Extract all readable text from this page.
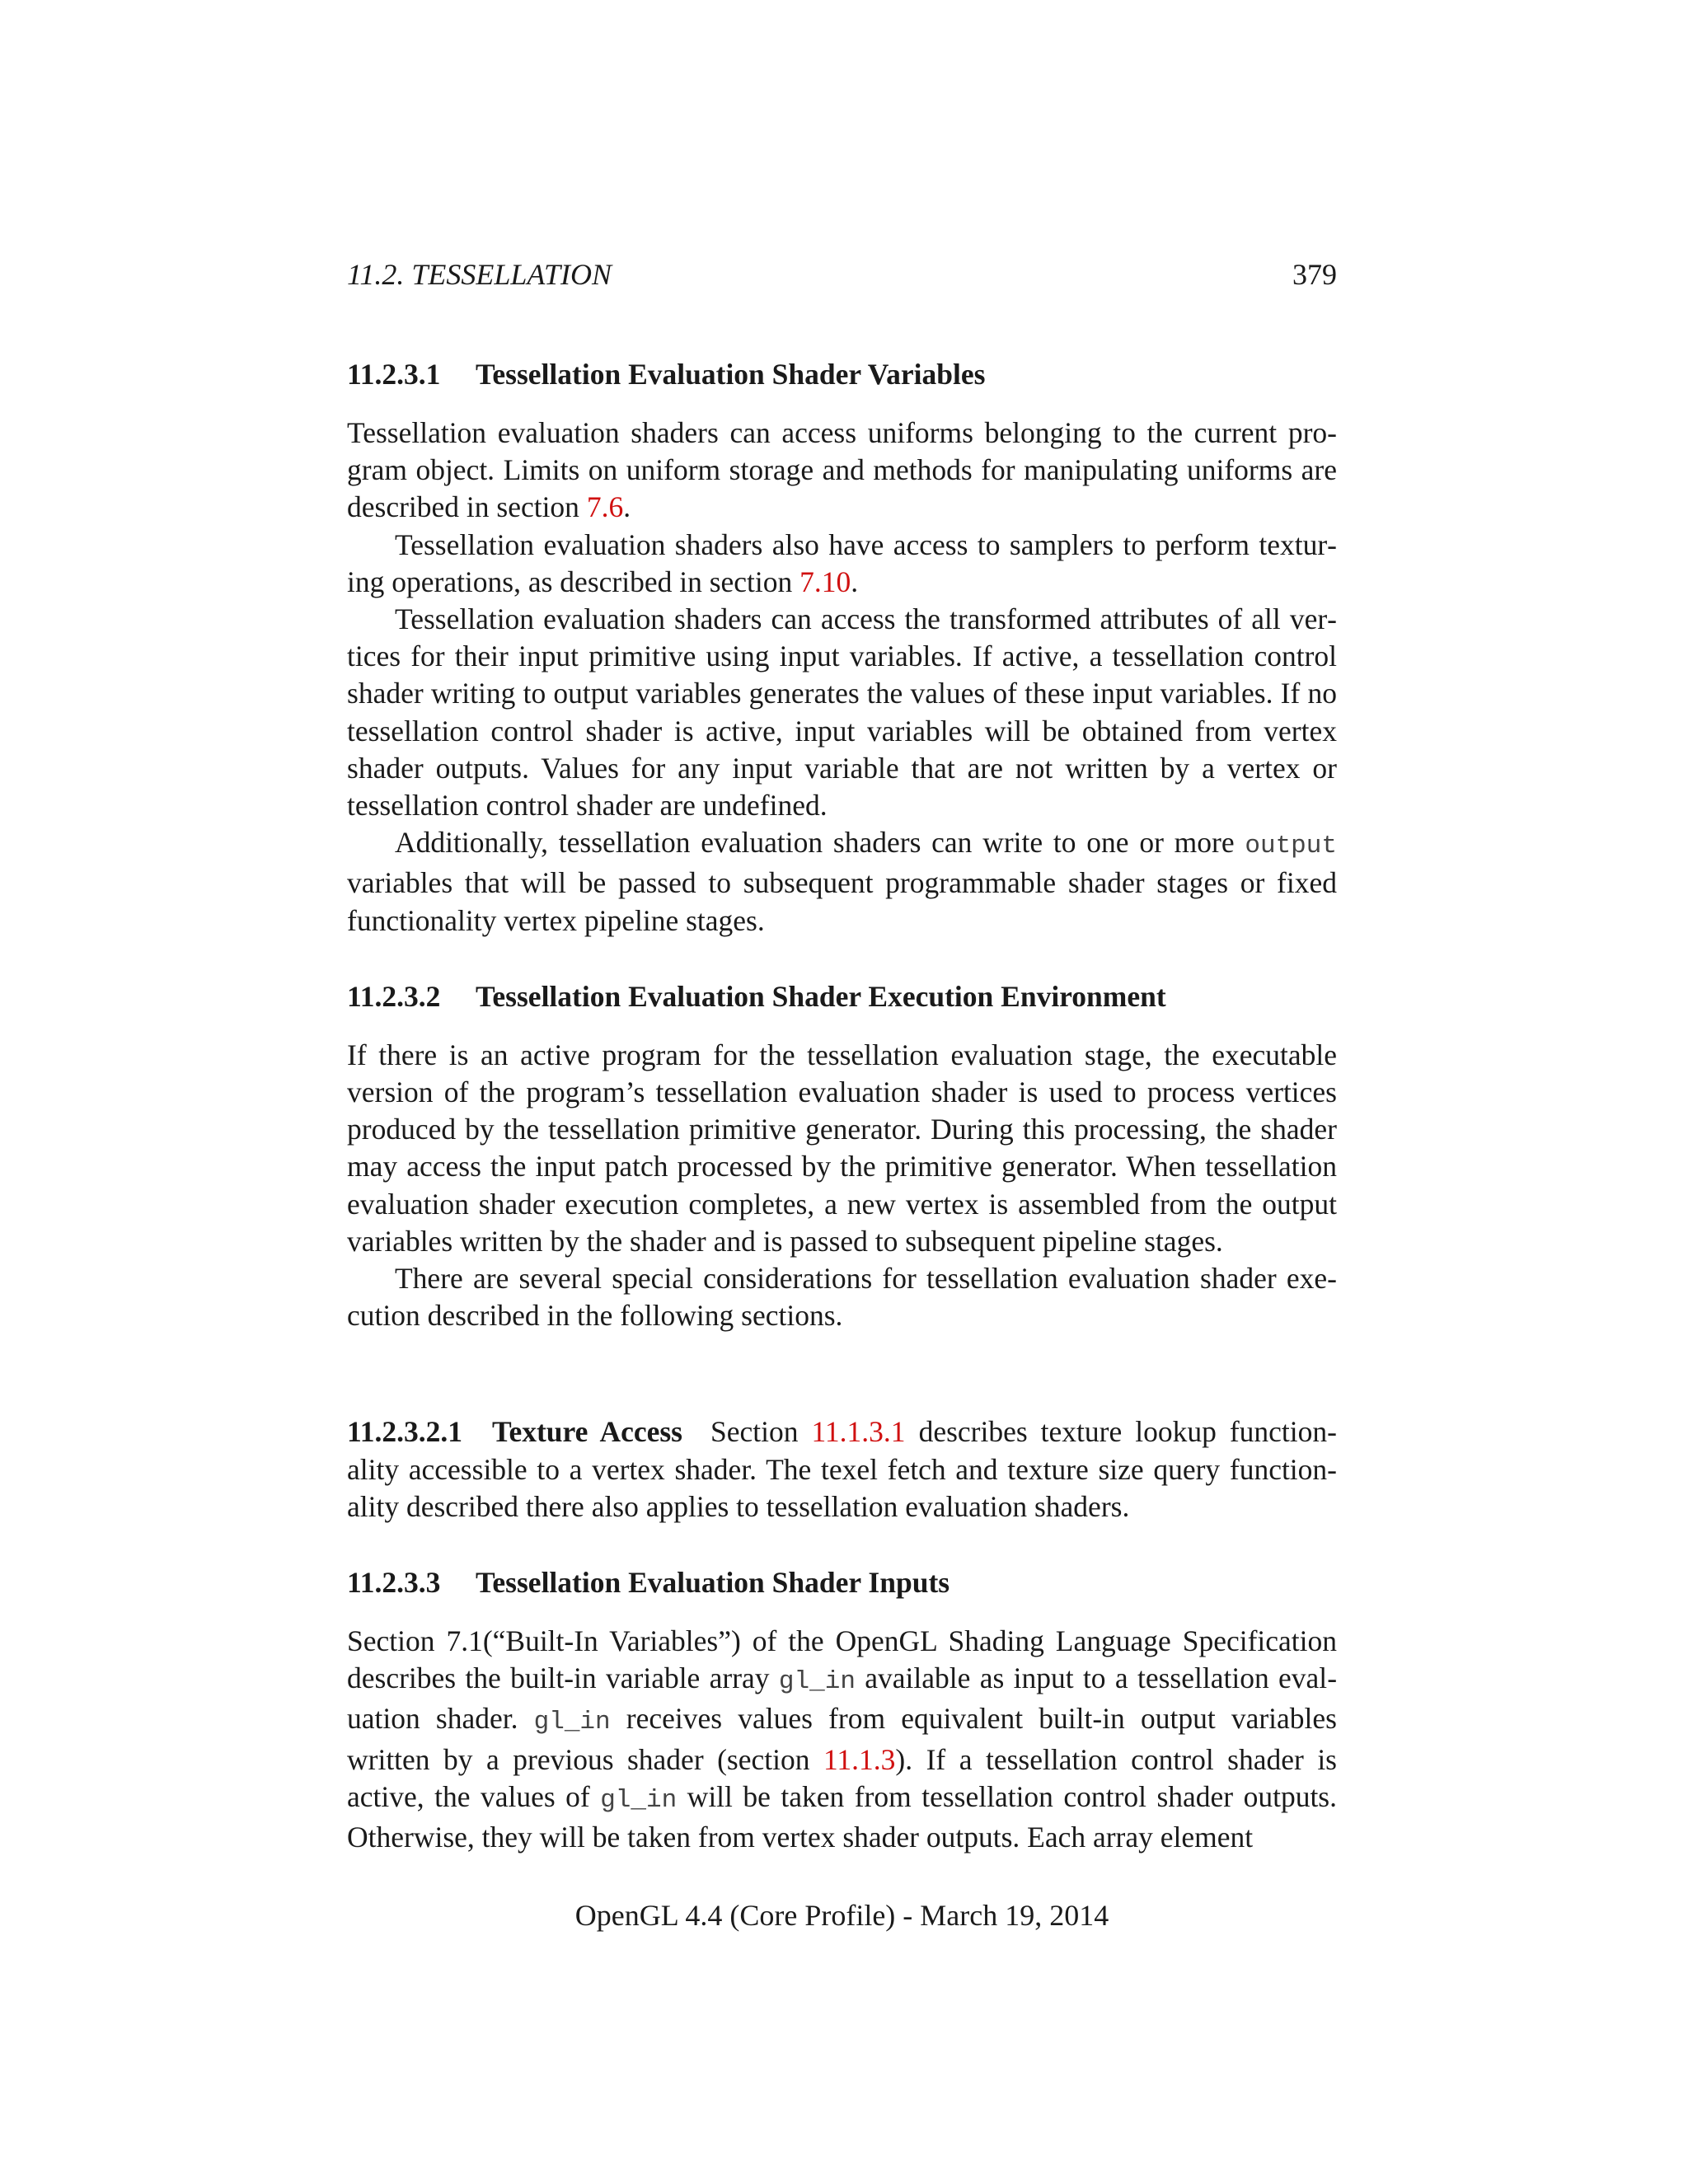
11.2. TESSELLATION	379
11.2.3.1 Tessellation Evaluation Shader Variables

Tessellation evaluation shaders can access uniforms belonging to the current program object. Limits on uniform storage and methods for manipulating uniforms are described in section 7.6.

Tessellation evaluation shaders also have access to samplers to perform texturing operations, as described in section 7.10.

Tessellation evaluation shaders can access the transformed attributes of all vertices for their input primitive using input variables. If active, a tessellation control shader writing to output variables generates the values of these input variables. If no tessellation control shader is active, input variables will be obtained from vertex shader outputs. Values for any input variable that are not written by a vertex or tessellation control shader are undefined.

Additionally, tessellation evaluation shaders can write to one or more output variables that will be passed to subsequent programmable shader stages or fixed functionality vertex pipeline stages.

11.2.3.2 Tessellation Evaluation Shader Execution Environment

If there is an active program for the tessellation evaluation stage, the executable version of the program’s tessellation evaluation shader is used to process vertices produced by the tessellation primitive generator. During this processing, the shader may access the input patch processed by the primitive generator. When tessellation evaluation shader execution completes, a new vertex is assembled from the output variables written by the shader and is passed to subsequent pipeline stages.

There are several special considerations for tessellation evaluation shader execution described in the following sections.

11.2.3.2.1 Texture Access Section 11.1.3.1 describes texture lookup functionality accessible to a vertex shader. The texel fetch and texture size query functionality described there also applies to tessellation evaluation shaders.

11.2.3.3 Tessellation Evaluation Shader Inputs

Section 7.1(“Built-In Variables”) of the OpenGL Shading Language Specification describes the built-in variable array gl_in available as input to a tessellation evaluation shader. gl_in receives values from equivalent built-in output variables written by a previous shader (section 11.1.3). If a tessellation control shader is active, the values of gl_in will be taken from tessellation control shader outputs. Otherwise, they will be taken from vertex shader outputs. Each array element

OpenGL 4.4 (Core Profile) - March 19, 2014
